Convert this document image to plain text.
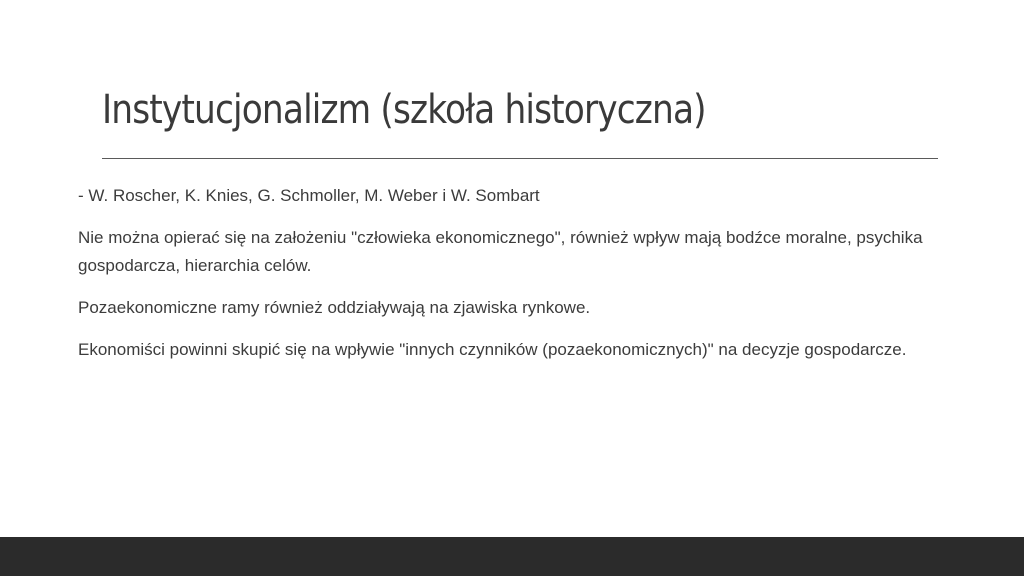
Instytucjonalizm (szkoła historyczna)

- W. Roscher, K. Knies, G. Schmoller, M. Weber i W. Sombart

Nie można opierać się na założeniu "człowieka ekonomicznego", również wpływ mają bodźce moralne, psychika gospodarcza, hierarchia celów.

Pozaekonomiczne ramy również oddziaływają na zjawiska rynkowe.

Ekonomiści powinni skupić się na wpływie "innych czynników (pozaekonomicznych)" na decyzje gospodarcze.
